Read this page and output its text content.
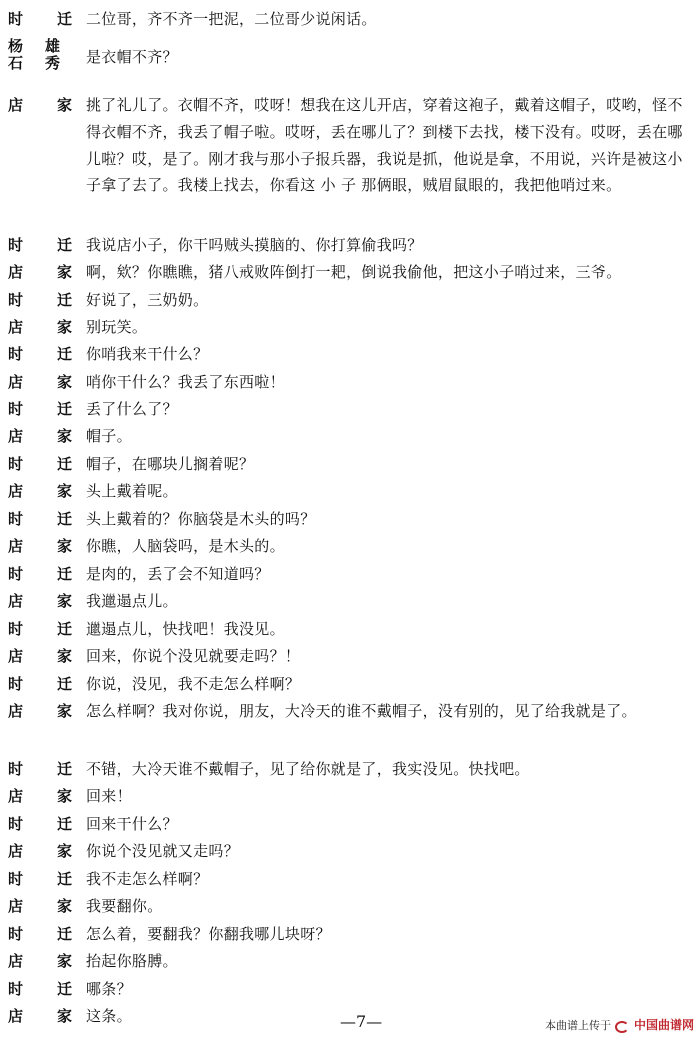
时 迁 二位哥，齐不齐一把泥，二位哥少说闲话。
杨 雄
石 秀 是衣帽不齐？
店 家 挑了礼儿了。衣帽不齐，哎呀！想我在这儿开店，穿着这袍子，戴着这帽子，哎哟，怪不得衣帽不齐，我丢了帽子啦。哎呀，丢在哪儿了？到楼下去找，楼下没有。哎呀，丢在哪儿啦？哎，是了。刚才我与那小子报兵器，我说是抓，他说是拿，不用说，兴许是被这小子拿了去了。我楼上找去，你看这 小 子 那俩眼，贼眉鼠眼的，我把他哨过来。
时 迁 我说店小子，你干吗贼头摸脑的、你打算偷我吗？
店 家 啊，欸？你瞧瞧，猪八戒败阵倒打一耙，倒说我偷他，把这小子哨过来，三爷。
时 迁 好说了，三奶奶。
店 家 别玩笑。
时 迁 你哨我来干什么？
店 家 哨你干什么？我丢了东西啦！
时 迁 丢了什么了？
店 家 帽子。
时 迁 帽子，在哪块儿搁着呢？
店 家 头上戴着呢。
时 迁 头上戴着的？你脑袋是木头的吗？
店 家 你瞧，人脑袋吗，是木头的。
时 迁 是肉的，丢了会不知道吗？
店 家 我邋遢点儿。
时 迁 邋遢点儿，快找吧！我没见。
店 家 回来，你说个没见就要走吗？！
时 迁 你说，没见，我不走怎么样啊？
店 家 怎么样啊？我对你说，朋友，大冷天的谁不戴帽子，没有别的，见了给我就是了。
时 迁 不错，大冷天谁不戴帽子，见了给你就是了，我实没见。快找吧。
店 家 回来！
时 迁 回来干什么？
店 家 你说个没见就又走吗？
时 迁 我不走怎么样啊？
店 家 我要翻你。
时 迁 怎么着，要翻我？你翻我哪儿块呀？
店 家 抬起你胳膊。
时 迁 哪条？
店 家 这条。	—7—	本曲谱上传于 中国曲谱网
